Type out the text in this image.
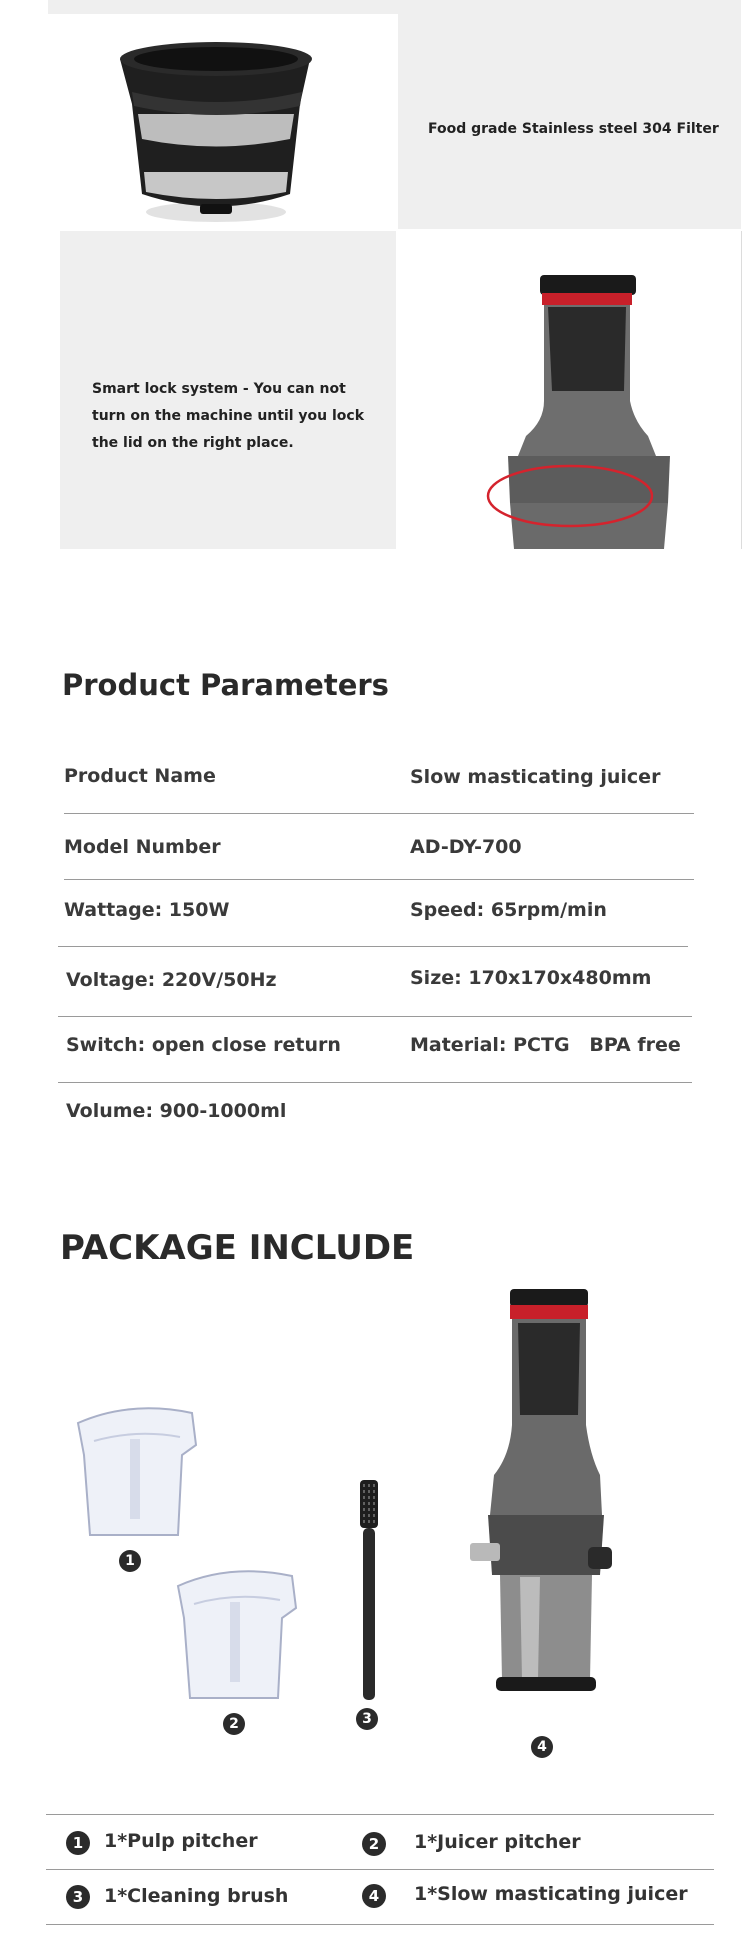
Food grade Stainless steel 304 Filter
Smart lock system - You can not turn on the machine until you lock the lid on the right place.
Product Parameters
Product Name	Slow masticating juicer
Model Number	AD-DY-700
Wattage: 150W	Speed: 65rpm/min
Voltage: 220V/50Hz	Size: 170x170x480mm
Switch: open close return	Material: PCTG   BPA free
Volume: 900-1000ml
PACKAGE INCLUDE
1
2	3
4
1	1*Pulp pitcher	2	1*Juicer pitcher
3	1*Cleaning brush	4	1*Slow masticating juicer
